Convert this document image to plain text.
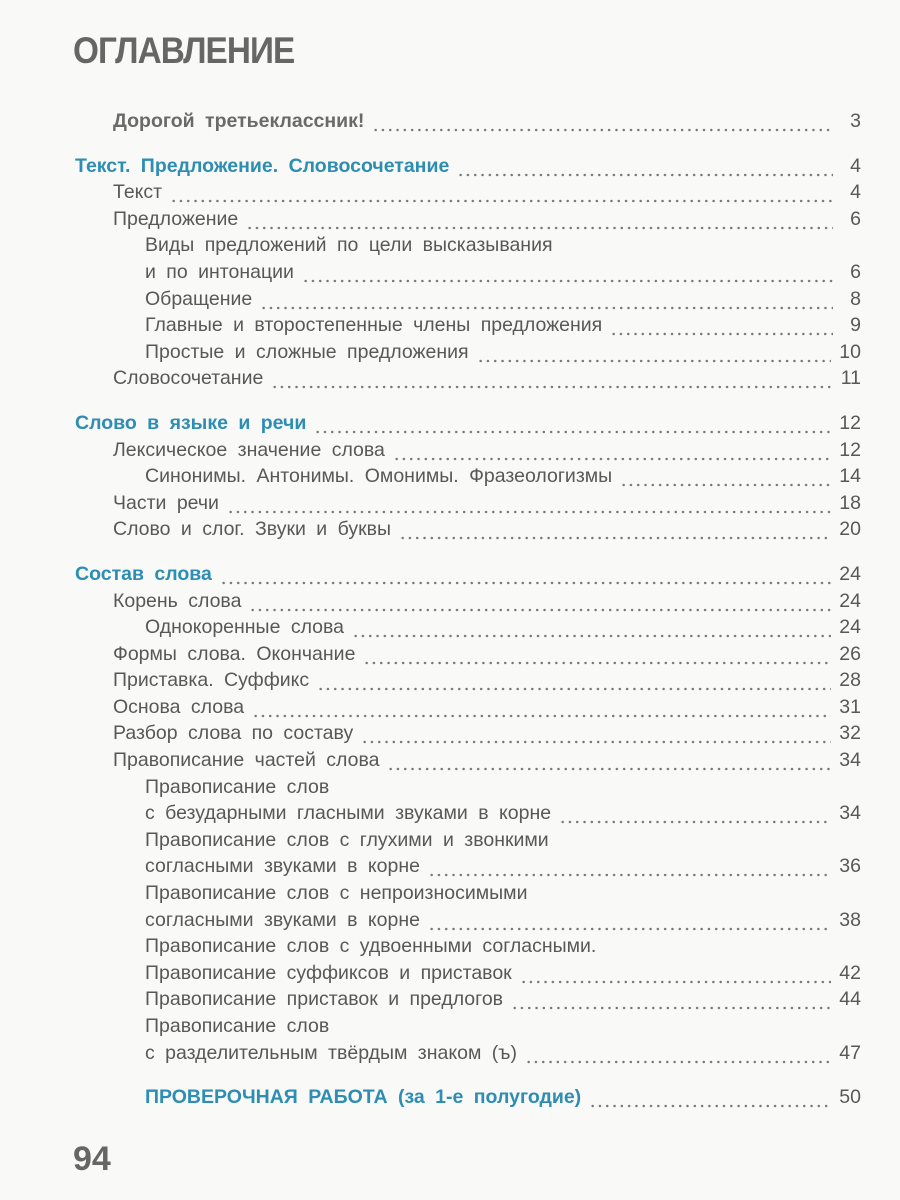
ОГЛАВЛЕНИЕ
Дорогой третьеклассник!	3
Текст. Предложение. Словосочетание	4
Текст	4
Предложение	6
Виды предложений по цели высказывания
и по интонации	6
Обращение	8
Главные и второстепенные члены предложения	9
Простые и сложные предложения	10
Словосочетание	11
Слово в языке и речи	12
Лексическое значение слова	12
Синонимы. Антонимы. Омонимы. Фразеологизмы	14
Части речи	18
Слово и слог. Звуки и буквы	20
Состав слова	24
Корень слова	24
Однокоренные слова	24
Формы слова. Окончание	26
Приставка. Суффикс	28
Основа слова	31
Разбор слова по составу	32
Правописание частей слова	34
Правописание слов
с безударными гласными звуками в корне	34
Правописание слов с глухими и звонкими
согласными звуками в корне	36
Правописание слов с непроизносимыми
согласными звуками в корне	38
Правописание слов с удвоенными согласными.
Правописание суффиксов и приставок	42
Правописание приставок и предлогов	44
Правописание слов
с разделительным твёрдым знаком (ъ)	47
ПРОВЕРОЧНАЯ РАБОТА (за 1-е полугодие)	50
94
